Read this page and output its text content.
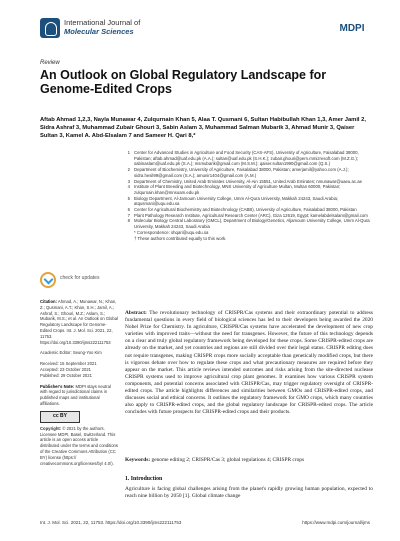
International Journal of
Molecular Sciences	MDPI
Review
An Outlook on Global Regulatory Landscape for Genome-Edited Crops
Aftab Ahmad 1,2,3, Nayla Munawar 4, Zulqurnain Khan 5, Alaa T. Qusmani 6, Sultan Habibullah Khan 1,3, Amer Jamil 2, Sidra Ashraf 3, Muhammad Zubair Ghouri 3, Sabin Aslam 3, Muhammad Salman Mubarik 3, Ahmad Munir 3, Qaiser Sultan 3, Kamel A. Abd-Elsalam 7 and Sameer H. Qari 8,*
check for updates
Citation: Ahmad, A.; Munawar, N.; Khan, Z.; Qusmani, A.T.; Khan, S.H.; Jamil, A.; Ashraf, S.; Ghouri, M.Z.; Aslam, S.; Mubarik, M.S.; et al. An Outlook on Global Regulatory Landscape for Genome-Edited Crops. Int. J. Mol. Sci. 2021, 22, 11753. https://doi.org/10.3390/ijms222111753
Academic Editor: Seung-Yoo Kim
Received: 15 September 2021
Accepted: 23 October 2021
Published: 29 October 2021
Publisher's Note: MDPI stays neutral with regard to jurisdictional claims in published maps and institutional affiliations.
cc BY
Copyright: © 2021 by the authors. Licensee MDPI, Basel, Switzerland. This article is an open access article distributed under the terms and conditions of the Creative Commons Attribution (CC BY) license (https:// creativecommons.org/licenses/by/ 4.0/).
1 Center for Advanced Studies in Agriculture and Food Security (CAS-AFS), University of Agriculture, Faisalabad 38000, Pakistan; aftab.ahmad@uaf.edu.pk (A.A.); sultan@uaf.edu.pk (S.H.K.); zubair.ghouri@pern.mmizresoft.com (M.Z.G.); sabinaslam@uaf.edu.pk (S.A.); msmubarik@gmail.com (M.S.M.); qaiser.sultan1990@gmail.com (Q.S.)
2 Department of Biochemistry, University of Agriculture, Faisalabad 38000, Pakistan; amerjamil@yahoo.com (A.J.); sidra.hesil99@gmail.com (S.A.); amunir1404@gmail.com (A.M.)
3 Department of Chemistry, United Arab Emirates University, Al-Ain 15551, United Arab Emirates; nmunawar@uaeu.ac.ae
4 Institute of Plant Breeding and Biotechnology, MNS University of Agriculture Multan, Multan 60000, Pakistan; zulqurnain.khan@mnsuam.edu.pk
5 Biology Department, Al-Jamoum University College, Umm Al-Qura University, Makkah 24243, Saudi Arabia; atqusmani@uqu.edu.sa
6 Center for Agricultural Biochemistry and Biotechnology (CABB), University of Agriculture, Faisalabad 38000, Pakistan
7 Plant Pathology Research Institute, Agricultural Research Center (ARC), Giza 12619, Egypt; kamelabdelsalam@gmail.com
8 Molecular Biology Central Laboratory (GMCL), Department of Biology/Genetics, Aljamoum University College, Umm Al-Qura University, Makkah 24243, Saudi Arabia
* Correspondence: shqari@uqu.edu.sa
† These authors contributed equally to this work.
Abstract: The revolutionary technology of CRISPR/Cas systems and their extraordinary potential to address fundamental questions in every field of biological sciences has led to their developers being awarded the 2020 Nobel Prize for Chemistry. In agriculture, CRISPR/Cas systems have accelerated the development of new crop varieties with improved traits—without the need for transgenes. However, the future of this technology depends on a clear and truly global regulatory framework being developed for these crops. Some CRISPR-edited crops are already on the market, and yet countries and regions are still divided over their legal status. CRISPR editing does not require transgenes, making CRISPR crops more socially acceptable than genetically modified crops, but there is vigorous debate over how to regulate these crops and what precautionary measures are required before they appear on the market. This article reviews intended outcomes and risks arising from the site-directed nuclease CRISPR systems used to improve agricultural crop plant genomes. It examines how various CRISPR system components, and potential concerns associated with CRISPR/Cas, may trigger regulatory oversight of CRISPR-edited crops. The article highlights differences and similarities between GMOs and CRISPR-edited crops, and discusses social and ethical concerns. It outlines the regulatory framework for GMO crops, which many countries also apply to CRISPR-edited crops, and the global regulatory landscape for CRISPR-edited crops. The article concludes with future prospects for CRISPR-edited crops and their products.
Keywords: genome editing 2; CRISPR/Cas 3; global regulations 4; CRISPR crops
1. Introduction
Agriculture is facing global challenges arising from the planet's rapidly growing human population, expected to reach nine billion by 2050 [1]. Global climate change
Int. J. Mol. Sci. 2021, 22, 11753. https://doi.org/10.3390/ijms222111753	https://www.mdpi.com/journal/ijms
